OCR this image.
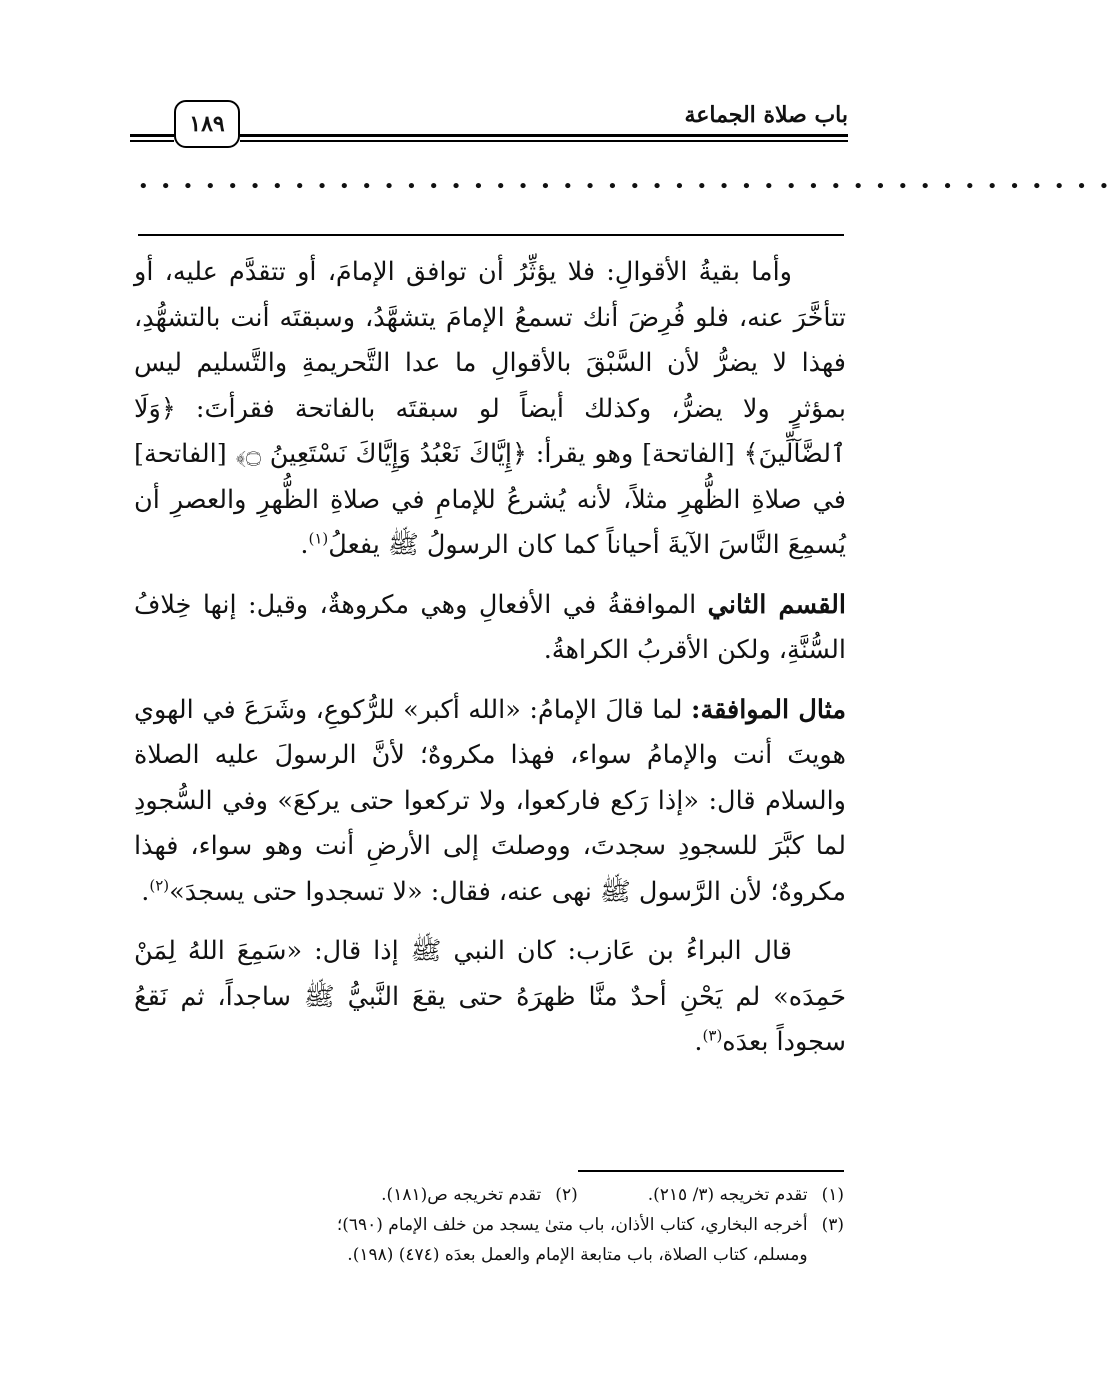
باب صلاة الجماعة
١٨٩
• • • • • • • • • • • • • • • • • • • • • • • • • • • • • • • • • • • • • • • • • • • •

وأما بقيةُ الأقوالِ: فلا يؤثِّرُ أن توافق الإمامَ، أو تتقدَّم عليه، أو تتأخَّرَ عنه، فلو فُرِضَ أنك تسمعُ الإمامَ يتشهَّدُ، وسبقتَه أنت بالتشهُّدِ، فهذا لا يضرُّ لأن السَّبْقَ بالأقوالِ ما عدا التَّحريمةِ والتَّسليم ليس بمؤثرٍ ولا يضرُّ، وكذلك أيضاً لو سبقتَه بالفاتحة فقرأتَ: ﴿وَلَا ٱلضَّآلِّينَ﴾ [الفاتحة] وهو يقرأ: ﴿إِيَّاكَ نَعْبُدُ وَإِيَّاكَ نَسْتَعِينُ ۝﴾ [الفاتحة] في صلاةِ الظُّهرِ مثلاً، لأنه يُشرعُ للإمامِ في صلاةِ الظُّهرِ والعصرِ أن يُسمِعَ النَّاسَ الآيةَ أحياناً كما كان الرسولُ ﷺ يفعلُ$^{(١)}$.

القسم الثاني الموافقةُ في الأفعالِ وهي مكروهةٌ، وقيل: إنها خِلافُ السُّنَّةِ، ولكن الأقربُ الكراهةُ.

مثال الموافقة: لما قالَ الإمامُ: «الله أكبر» للرُّكوعِ، وشَرَعَ في الهوي هويتَ أنت والإمامُ سواء، فهذا مكروهٌ؛ لأنَّ الرسولَ عليه الصلاة والسلام قال: «إذا رَكع فاركعوا، ولا تركعوا حتى يركعَ» وفي السُّجودِ لما كبَّرَ للسجودِ سجدتَ، ووصلتَ إلى الأرضِ أنت وهو سواء، فهذا مكروهٌ؛ لأن الرَّسول ﷺ نهى عنه، فقال: «لا تسجدوا حتى يسجدَ»$^{(٢)}$.

قال البراءُ بن عَازب: كان النبي ﷺ إذا قال: «سَمِعَ اللهُ لِمَنْ حَمِدَه» لم يَحْنِ أحدٌ منَّا ظهرَهُ حتى يقعَ النَّبيُّ ﷺ ساجداً، ثم نَقعُ سجوداً بعدَه$^{(٣)}$.

(١)
تقدم تخريجه (٣/ ٢١٥).
(٢)
تقدم تخريجه ص(١٨١).
(٣)
أخرجه البخاري، كتاب الأذان، باب متىٰ يسجد من خلف الإمام (٦٩٠)؛
ومسلم، كتاب الصلاة، باب متابعة الإمام والعمل بعدَه (٤٧٤) (١٩٨).
